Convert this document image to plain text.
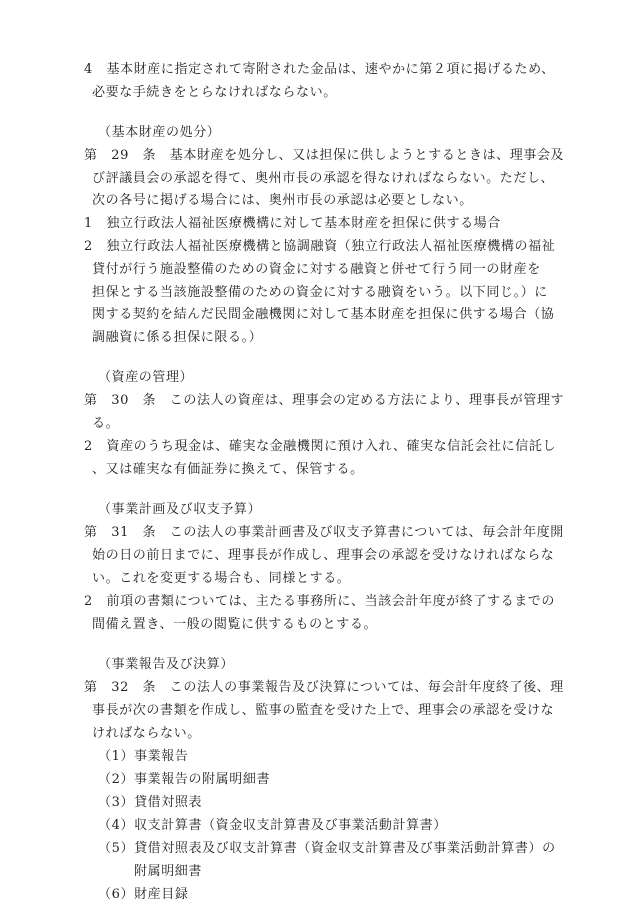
4　基本財産に指定されて寄附された金品は、速やかに第２項に掲げるため、
必要な手続きをとらなければならない。
（基本財産の処分）
第　29　条　基本財産を処分し、又は担保に供しようとするときは、理事会及
び評議員会の承認を得て、奥州市長の承認を得なければならない。ただし、
次の各号に掲げる場合には、奥州市長の承認は必要としない。
1　独立行政法人福祉医療機構に対して基本財産を担保に供する場合
2　独立行政法人福祉医療機構と協調融資（独立行政法人福祉医療機構の福祉
貸付が行う施設整備のための資金に対する融資と併せて行う同一の財産を
担保とする当該施設整備のための資金に対する融資をいう。以下同じ。）に
関する契約を結んだ民間金融機関に対して基本財産を担保に供する場合（協
調融資に係る担保に限る。）
（資産の管理）
第　30　条　この法人の資産は、理事会の定める方法により、理事長が管理す
る。
2　資産のうち現金は、確実な金融機関に預け入れ、確実な信託会社に信託し
、又は確実な有価証券に換えて、保管する。
（事業計画及び収支予算）
第　31　条　この法人の事業計画書及び収支予算書については、毎会計年度開
始の日の前日までに、理事長が作成し、理事会の承認を受けなければならな
い。これを変更する場合も、同様とする。
2　前項の書類については、主たる事務所に、当該会計年度が終了するまでの
間備え置き、一般の閲覧に供するものとする。
（事業報告及び決算）
第　32　条　この法人の事業報告及び決算については、毎会計年度終了後、理
事長が次の書類を作成し、監事の監査を受けた上で、理事会の承認を受けな
ければならない。
（1）事業報告
（2）事業報告の附属明細書
（3）貸借対照表
（4）収支計算書（資金収支計算書及び事業活動計算書）
（5）貸借対照表及び収支計算書（資金収支計算書及び事業活動計算書）の
附属明細書
（6）財産目録
